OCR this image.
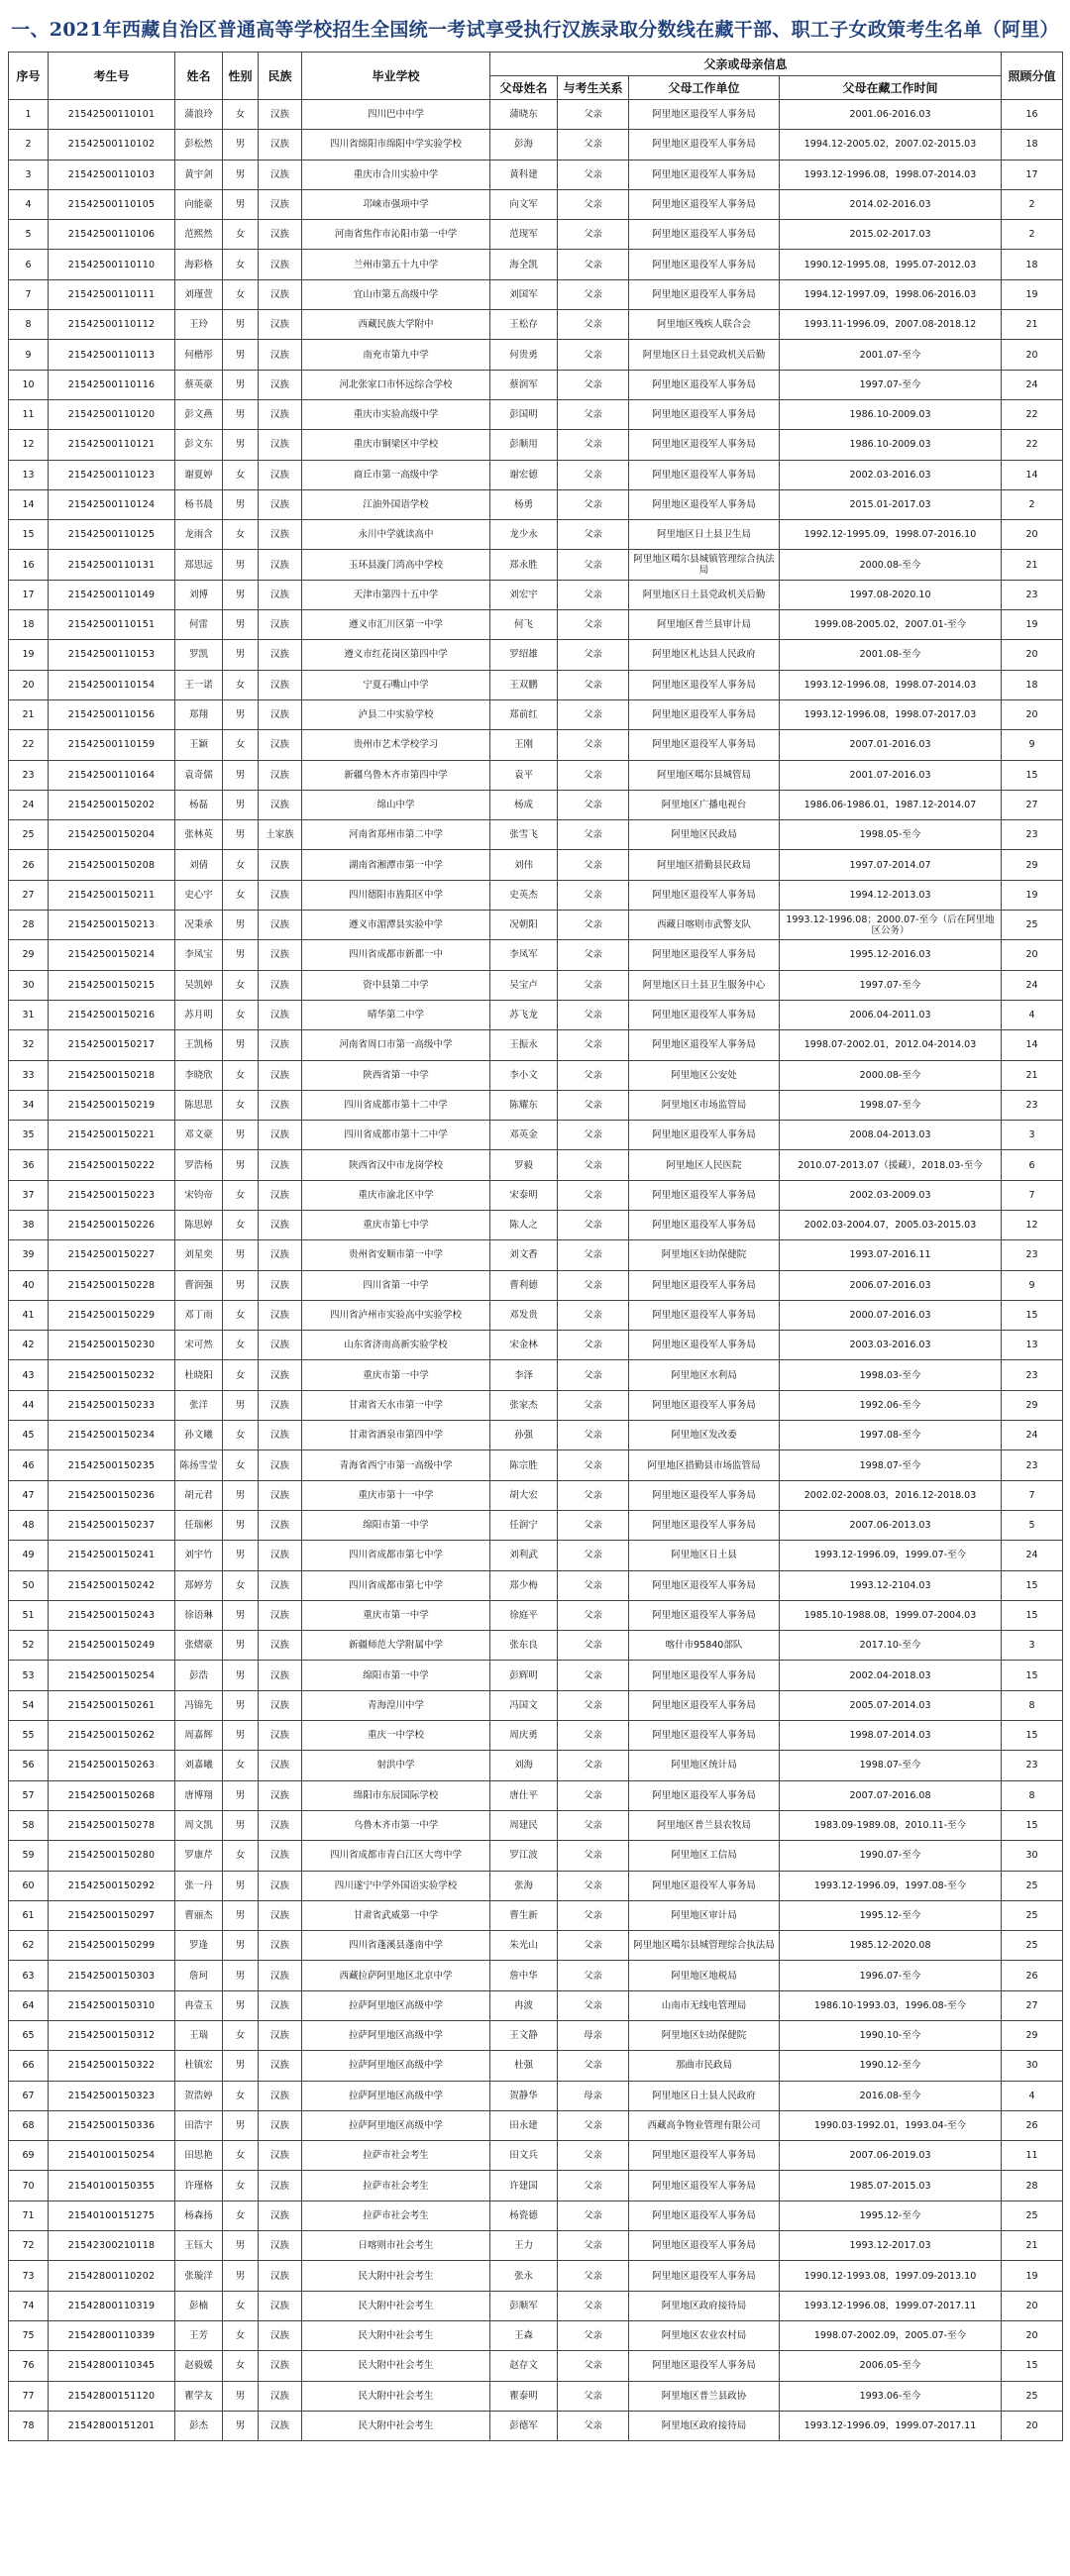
一、2021年西藏自治区普通高等学校招生全国统一考试享受执行汉族录取分数线在藏干部、职工子女政策考生名单（阿里）
序号	考生号	姓名	性别	民族	毕业学校	父亲或母亲信息				照顾分值
						父母姓名	与考生关系	父母工作单位	父母在藏工作时间	
1	21542500110101	蒲浪玲	女	汉族	四川巴中中学	蒲晓东	父亲	阿里地区退役军人事务局	2001.06-2016.03	16
2	21542500110102	彭松然	男	汉族	四川省绵阳市绵阳中学实验学校	彭海	父亲	阿里地区退役军人事务局	1994.12-2005.02，2007.02-2015.03	18
3	21542500110103	黄宇剑	男	汉族	重庆市合川实验中学	黄科建	父亲	阿里地区退役军人事务局	1993.12-1996.08，1998.07-2014.03	17
4	21542500110105	向能豪	男	汉族	邛崃市强项中学	向文军	父亲	阿里地区退役军人事务局	2014.02-2016.03	2
5	21542500110106	范熙然	女	汉族	河南省焦作市沁阳市第一中学	范现军	父亲	阿里地区退役军人事务局	2015.02-2017.03	2
6	21542500110110	海彩格	女	汉族	兰州市第五十九中学	海全凯	父亲	阿里地区退役军人事务局	1990.12-1995.08，1995.07-2012.03	18
7	21542500110111	刘瑾萱	女	汉族	宜山市第五高级中学	刘国军	父亲	阿里地区退役军人事务局	1994.12-1997.09，1998.06-2016.03	19
8	21542500110112	王玲	男	汉族	西藏民族大学附中	王松存	父亲	阿里地区残疾人联合会	1993.11-1996.09，2007.08-2018.12	21
9	21542500110113	何楷彤	男	汉族	南充市第九中学	何贵勇	父亲	阿里地区日土县党政机关后勤	2001.07-至今	20
10	21542500110116	蔡英豪	男	汉族	河北张家口市怀远综合学校	蔡润军	父亲	阿里地区退役军人事务局	1997.07-至今	24
11	21542500110120	彭文燕	男	汉族	重庆市实验高级中学	彭国明	父亲	阿里地区退役军人事务局	1986.10-2009.03	22
12	21542500110121	彭文东	男	汉族	重庆市铜梁区中学校	彭顺用	父亲	阿里地区退役军人事务局	1986.10-2009.03	22
13	21542500110123	谢夏婷	女	汉族	商丘市第一高级中学	谢宏德	父亲	阿里地区退役军人事务局	2002.03-2016.03	14
14	21542500110124	杨书晨	男	汉族	江油外国语学校	杨勇	父亲	阿里地区退役军人事务局	2015.01-2017.03	2
15	21542500110125	龙雨含	女	汉族	永川中学就读高中	龙少永	父亲	阿里地区日土县卫生局	1992.12-1995.09，1998.07-2016.10	20
16	21542500110131	郑思远	男	汉族	玉环县漩门湾高中学校	郑永胜	父亲	阿里地区噶尔县城镇管理综合执法局	2000.08-至今	21
17	21542500110149	刘博	男	汉族	天津市第四十五中学	刘宏宇	父亲	阿里地区日土县党政机关后勤	1997.08-2020.10	23
18	21542500110151	何雷	男	汉族	遵义市汇川区第一中学	何飞	父亲	阿里地区普兰县审计局	1999.08-2005.02，2007.01-至今	19
19	21542500110153	罗凯	男	汉族	遵义市红花岗区第四中学	罗绍雄	父亲	阿里地区札达县人民政府	2001.08-至今	20
20	21542500110154	王一诺	女	汉族	宁夏石嘴山中学	王双鹏	父亲	阿里地区退役军人事务局	1993.12-1996.08，1998.07-2014.03	18
21	21542500110156	郑翔	男	汉族	泸县二中实验学校	郑前红	父亲	阿里地区退役军人事务局	1993.12-1996.08，1998.07-2017.03	20
22	21542500110159	王颖	女	汉族	贵州市艺术学校学习	王刚	父亲	阿里地区退役军人事务局	2007.01-2016.03	9
23	21542500110164	袁奇儒	男	汉族	新疆乌鲁木齐市第四中学	袁平	父亲	阿里地区噶尔县城管局	2001.07-2016.03	15
24	21542500150202	杨磊	男	汉族	绵山中学	杨成	父亲	阿里地区广播电视台	1986.06-1986.01，1987.12-2014.07	27
25	21542500150204	张林英	男	土家族	河南省郑州市第二中学	张雪飞	父亲	阿里地区民政局	1998.05-至今	23
26	21542500150208	刘倩	女	汉族	湖南省湘潭市第一中学	刘伟	父亲	阿里地区措勤县民政局	1997.07-2014.07	29
27	21542500150211	史心宇	女	汉族	四川德阳市旌阳区中学	史英杰	父亲	阿里地区退役军人事务局	1994.12-2013.03	19
28	21542500150213	况秉承	男	汉族	遵义市湄潭县实验中学	况朝阳	父亲	西藏日喀则市武警支队	1993.12-1996.08；2000.07-至今（后在阿里地区公务）	25
29	21542500150214	李凤宝	男	汉族	四川省成都市新都一中	李凤军	父亲	阿里地区退役军人事务局	1995.12-2016.03	20
30	21542500150215	吴凯婷	女	汉族	资中县第二中学	吴宝卢	父亲	阿里地区日土县卫生服务中心	1997.07-至今	24
31	21542500150216	苏月明	女	汉族	晴华第二中学	苏飞龙	父亲	阿里地区退役军人事务局	2006.04-2011.03	4
32	21542500150217	王凯杨	男	汉族	河南省周口市第一高级中学	王振永	父亲	阿里地区退役军人事务局	1998.07-2002.01，2012.04-2014.03	14
33	21542500150218	李晓欣	女	汉族	陕西省第一中学	李小文	父亲	阿里地区公安处	2000.08-至今	21
34	21542500150219	陈思思	女	汉族	四川省成都市第十二中学	陈耀东	父亲	阿里地区市场监管局	1998.07-至今	23
35	21542500150221	邓文豪	男	汉族	四川省成都市第十二中学	邓英金	父亲	阿里地区退役军人事务局	2008.04-2013.03	3
36	21542500150222	罗浩杨	男	汉族	陕西省汉中市龙岗学校	罗毅	父亲	阿里地区人民医院	2010.07-2013.07（援藏），2018.03-至今	6
37	21542500150223	宋钧帝	女	汉族	重庆市渝北区中学	宋泰明	父亲	阿里地区退役军人事务局	2002.03-2009.03	7
38	21542500150226	陈思婷	女	汉族	重庆市第七中学	陈人之	父亲	阿里地区退役军人事务局	2002.03-2004.07，2005.03-2015.03	12
39	21542500150227	刘星奕	男	汉族	贵州省安顺市第一中学	刘文香	父亲	阿里地区妇幼保健院	1993.07-2016.11	23
40	21542500150228	曹润强	男	汉族	四川省第一中学	曹利德	父亲	阿里地区退役军人事务局	2006.07-2016.03	9
41	21542500150229	邓丁雨	女	汉族	四川省泸州市实验高中实验学校	邓发贵	父亲	阿里地区退役军人事务局	2000.07-2016.03	15
42	21542500150230	宋可然	女	汉族	山东省济南高新实验学校	宋金林	父亲	阿里地区退役军人事务局	2003.03-2016.03	13
43	21542500150232	杜晓阳	女	汉族	重庆市第一中学	李泽	父亲	阿里地区水利局	1998.03-至今	23
44	21542500150233	张洋	男	汉族	甘肃省天水市第一中学	张家杰	父亲	阿里地区退役军人事务局	1992.06-至今	29
45	21542500150234	孙文曦	女	汉族	甘肃省酒泉市第四中学	孙强	父亲	阿里地区发改委	1997.08-至今	24
46	21542500150235	陈扬雪莹	女	汉族	青海省西宁市第一高级中学	陈宗胜	父亲	阿里地区措勤县市场监管局	1998.07-至今	23
47	21542500150236	胡元君	男	汉族	重庆市第十一中学	胡大宏	父亲	阿里地区退役军人事务局	2002.02-2008.03，2016.12-2018.03	7
48	21542500150237	任瑞彬	男	汉族	绵阳市第一中学	任润宁	父亲	阿里地区退役军人事务局	2007.06-2013.03	5
49	21542500150241	刘宇竹	男	汉族	四川省成都市第七中学	刘利武	父亲	阿里地区日土县	1993.12-1996.09，1999.07-至今	24
50	21542500150242	郑婷芳	女	汉族	四川省成都市第七中学	郑少梅	父亲	阿里地区退役军人事务局	1993.12-2104.03	15
51	21542500150243	徐语琳	男	汉族	重庆市第一中学	徐庭平	父亲	阿里地区退役军人事务局	1985.10-1988.08，1999.07-2004.03	15
52	21542500150249	张熠豪	男	汉族	新疆师范大学附属中学	张东良	父亲	喀什市95840部队	2017.10-至今	3
53	21542500150254	彭浩	男	汉族	绵阳市第一中学	彭辉明	父亲	阿里地区退役军人事务局	2002.04-2018.03	15
54	21542500150261	冯锦先	男	汉族	青海湟川中学	冯国文	父亲	阿里地区退役军人事务局	2005.07-2014.03	8
55	21542500150262	周嘉辉	男	汉族	重庆一中学校	周庆勇	父亲	阿里地区退役军人事务局	1998.07-2014.03	15
56	21542500150263	刘嘉曦	女	汉族	射洪中学	刘海	父亲	阿里地区统计局	1998.07-至今	23
57	21542500150268	唐博翔	男	汉族	绵阳市东辰国际学校	唐仕平	父亲	阿里地区退役军人事务局	2007.07-2016.08	8
58	21542500150278	周文凯	男	汉族	乌鲁木齐市第一中学	周建民	父亲	阿里地区普兰县农牧局	1983.09-1989.08，2010.11-至今	15
59	21542500150280	罗康芹	女	汉族	四川省成都市青白江区大弯中学	罗江波	父亲	阿里地区工信局	1990.07-至今	30
60	21542500150292	张一丹	男	汉族	四川遂宁中学外国语实验学校	张海	父亲	阿里地区退役军人事务局	1993.12-1996.09，1997.08-至今	25
61	21542500150297	曹丽杰	男	汉族	甘肃省武威第一中学	曹生新	父亲	阿里地区审计局	1995.12-至今	25
62	21542500150299	罗逢	男	汉族	四川省蓬溪县蓬南中学	朱光山	父亲	阿里地区噶尔县城管理综合执法局	1985.12-2020.08	25
63	21542500150303	詹珂	男	汉族	西藏拉萨阿里地区北京中学	詹中华	父亲	阿里地区地税局	1996.07-至今	26
64	21542500150310	冉壹玉	男	汉族	拉萨阿里地区高级中学	冉波	父亲	山南市无线电管理局	1986.10-1993.03，1996.08-至今	27
65	21542500150312	王瑞	女	汉族	拉萨阿里地区高级中学	王文静	母亲	阿里地区妇幼保健院	1990.10-至今	29
66	21542500150322	杜镇宏	男	汉族	拉萨阿里地区高级中学	杜强	父亲	那曲市民政局	1990.12-至今	30
67	21542500150323	贺浩婷	女	汉族	拉萨阿里地区高级中学	贺静华	母亲	阿里地区日土县人民政府	2016.08-至今	4
68	21542500150336	田浩宇	男	汉族	拉萨阿里地区高级中学	田永建	父亲	西藏高争物业管理有限公司	1990.03-1992.01，1993.04-至今	26
69	21540100150254	田思艳	女	汉族	拉萨市社会考生	田文兵	父亲	阿里地区退役军人事务局	2007.06-2019.03	11
70	21540100150355	许瑾格	女	汉族	拉萨市社会考生	许建国	父亲	阿里地区退役军人事务局	1985.07-2015.03	28
71	21540100151275	杨森扬	女	汉族	拉萨市社会考生	杨瓷德	父亲	阿里地区退役军人事务局	1995.12-至今	25
72	21542300210118	王钰大	男	汉族	日喀则市社会考生	王力	父亲	阿里地区退役军人事务局	1993.12-2017.03	21
73	21542800110202	张璇洋	男	汉族	民大附中社会考生	张永	父亲	阿里地区退役军人事务局	1990.12-1993.08，1997.09-2013.10	19
74	21542800110319	彭楠	女	汉族	民大附中社会考生	彭顺军	父亲	阿里地区政府接待局	1993.12-1996.08，1999.07-2017.11	20
75	21542800110339	王芳	女	汉族	民大附中社会考生	王森	父亲	阿里地区农业农村局	1998.07-2002.09，2005.07-至今	20
76	21542800110345	赵毅媛	女	汉族	民大附中社会考生	赵存文	父亲	阿里地区退役军人事务局	2006.05-至今	15
77	21542800151120	瞿学友	男	汉族	民大附中社会考生	瞿泰明	父亲	阿里地区普兰县政协	1993.06-至今	25
78	21542800151201	彭杰	男	汉族	民大附中社会考生	彭德军	父亲	阿里地区政府接待局	1993.12-1996.09，1999.07-2017.11	20
